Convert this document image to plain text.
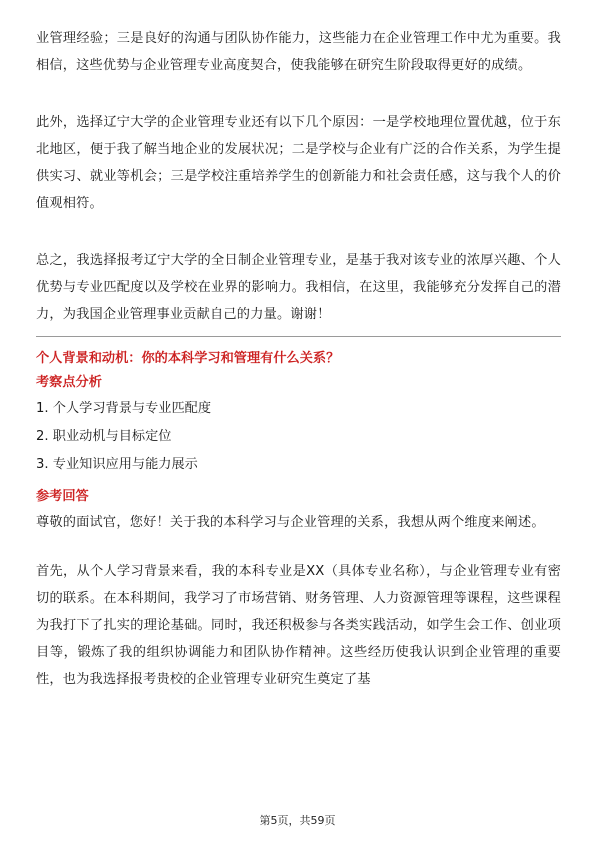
业管理经验；三是良好的沟通与团队协作能力，这些能力在企业管理工作中尤为重要。我相信，这些优势与企业管理专业高度契合，使我能够在研究生阶段取得更好的成绩。

此外，选择辽宁大学的企业管理专业还有以下几个原因：一是学校地理位置优越，位于东北地区，便于我了解当地企业的发展状况；二是学校与企业有广泛的合作关系，为学生提供实习、就业等机会；三是学校注重培养学生的创新能力和社会责任感，这与我个人的价值观相符。

总之，我选择报考辽宁大学的全日制企业管理专业，是基于我对该专业的浓厚兴趣、个人优势与专业匹配度以及学校在业界的影响力。我相信，在这里，我能够充分发挥自己的潜力，为我国企业管理事业贡献自己的力量。谢谢！

个人背景和动机：你的本科学习和管理有什么关系？
考察点分析
1. 个人学习背景与专业匹配度
2. 职业动机与目标定位
3. 专业知识应用与能力展示
参考回答

尊敬的面试官，您好！关于我的本科学习与企业管理的关系，我想从两个维度来阐述。

首先，从个人学习背景来看，我的本科专业是XX（具体专业名称），与企业管理专业有密切的联系。在本科期间，我学习了市场营销、财务管理、人力资源管理等课程，这些课程为我打下了扎实的理论基础。同时，我还积极参与各类实践活动，如学生会工作、创业项目等，锻炼了我的组织协调能力和团队协作精神。这些经历使我认识到企业管理的重要性，也为我选择报考贵校的企业管理专业研究生奠定了基

第5页，共59页
